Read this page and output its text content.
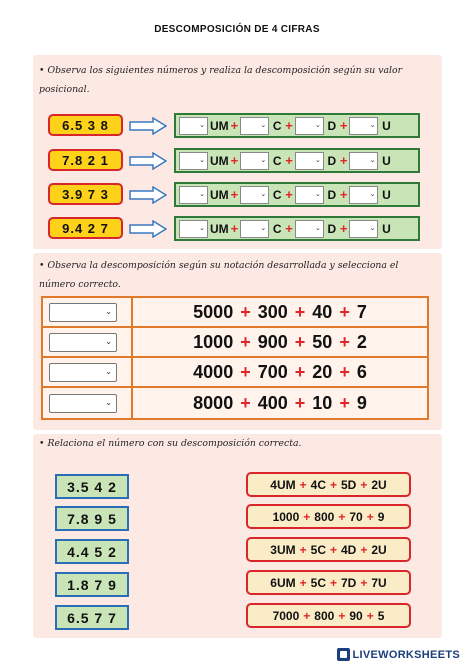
DESCOMPOSICIÓN DE 4 CIFRAS
• Observa los siguientes números y realiza la descomposición según su valor
posicional.
6.5 3 8	⌄ UM +	⌄ C +	⌄ D +	⌄ U
7.8 2 1	⌄ UM +	⌄ C +	⌄ D +	⌄ U
3.9 7 3	⌄ UM +	⌄ C +	⌄ D +	⌄ U
9.4 2 7	⌄ UM +	⌄ C +	⌄ D +	⌄ U
• Observa la descomposición según su notación desarrollada y selecciona el
número correcto.
⌄	5000 + 300 + 40 + 7
⌄	1000 + 900 + 50 + 2
⌄	4000 + 700 + 20 + 6
⌄	8000 + 400 + 10 + 9
• Relaciona el número con su descomposición correcta.
3.5 4 2
7.8 9 5
4.4 5 2
1.8 7 9
6.5 7 7
4UM + 4C + 5D + 2U
1000 + 800 + 70 + 9
3UM + 5C + 4D + 2U
6UM + 5C + 7D + 7U
7000 + 800 + 90 + 5
LIVEWORKSHEETS
